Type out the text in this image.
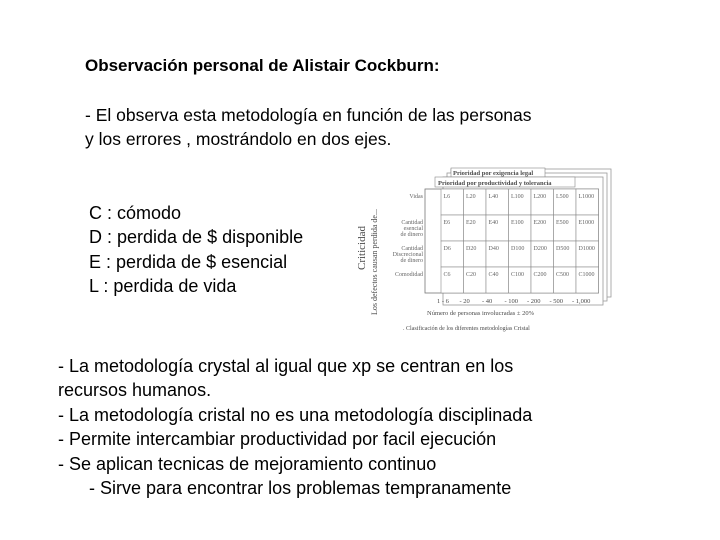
Observación personal de Alistair Cockburn:
- El observa esta metodología en función de las personas
y los errores , mostrándolo en dos ejes.
C : cómodo
D : perdida de $ disponible
E : perdida de $ esencial
L : perdida de vida
Prioridad por exigencia legal
Prioridad por productividad y tolerancia
Los defectos causan perdida de...
Criticidad
Vidas	L6	L20 L40 L100 L200 L500 L1000
Cantidad esencial de dinero
E6	E20 E40 E100 E200 E500 E1000
Cantidad Discrecional de dinero
D6	D20 D40 D100 D200 D500 D1000
Comodidad	C6	C20 C40 C100 C200 C500 C1000
1 - 6 - 20 - 40 - 100 - 200 - 500 - 1,000
Número de personas involucradas ± 20%
. Clasificación de los diferentes metodologías Cristal
- La metodología crystal al igual que xp se centran en los
recursos humanos.
- La metodología cristal no es una metodología disciplinada
- Permite intercambiar productividad por facil ejecución
- Se aplican tecnicas de mejoramiento continuo
- Sirve para encontrar los problemas tempranamente
